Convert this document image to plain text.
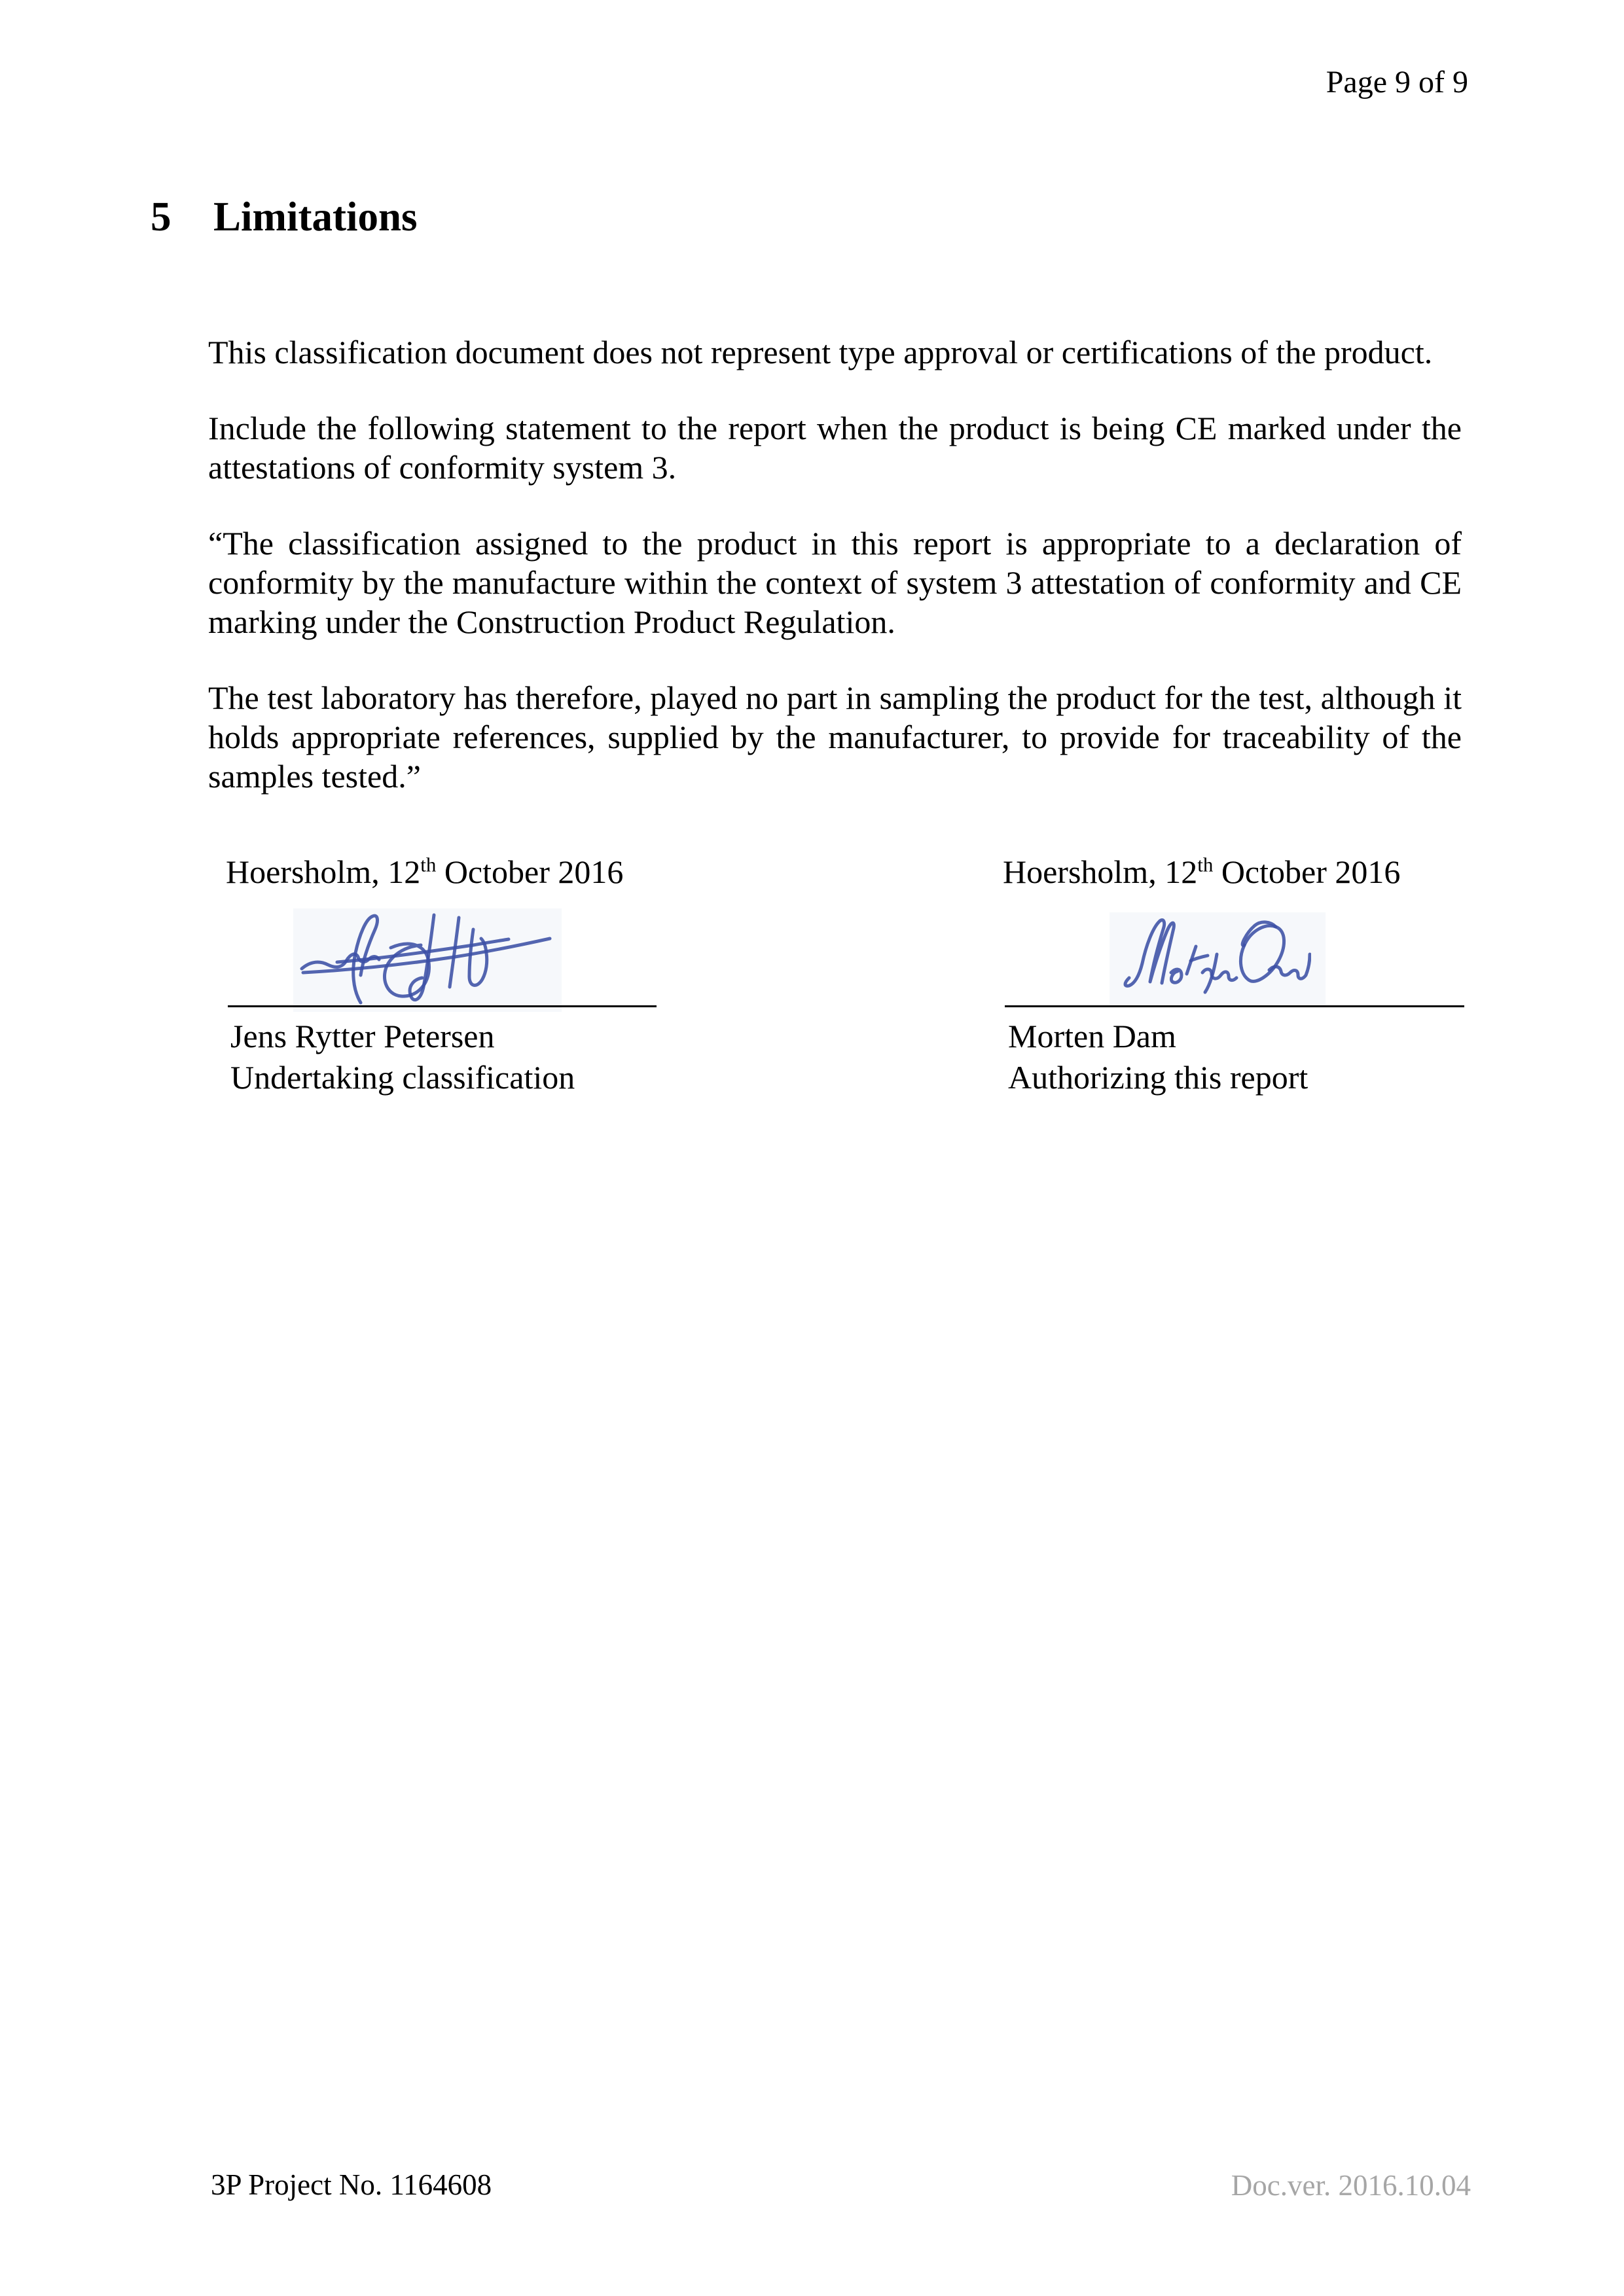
Page 9 of 9
5 Limitations

This classification document does not represent type approval or certifications of the product.

Include the following statement to the report when the product is being CE marked under the attestations of conformity system 3.

“The classification assigned to the product in this report is appropriate to a declaration of conformity by the manufacture within the context of system 3 attestation of conformity and CE marking under the Construction Product Regulation.

The test laboratory has therefore, played no part in sampling the product for the test, although it holds appropriate references, supplied by the manufacturer, to provide for traceability of the samples tested.”

Hoersholm, 12th October 2016
Jens Rytter Petersen
Undertaking classification
Hoersholm, 12th October 2016
Morten Dam
Authorizing this report
3P Project No. 1164608	Doc.ver. 2016.10.04
